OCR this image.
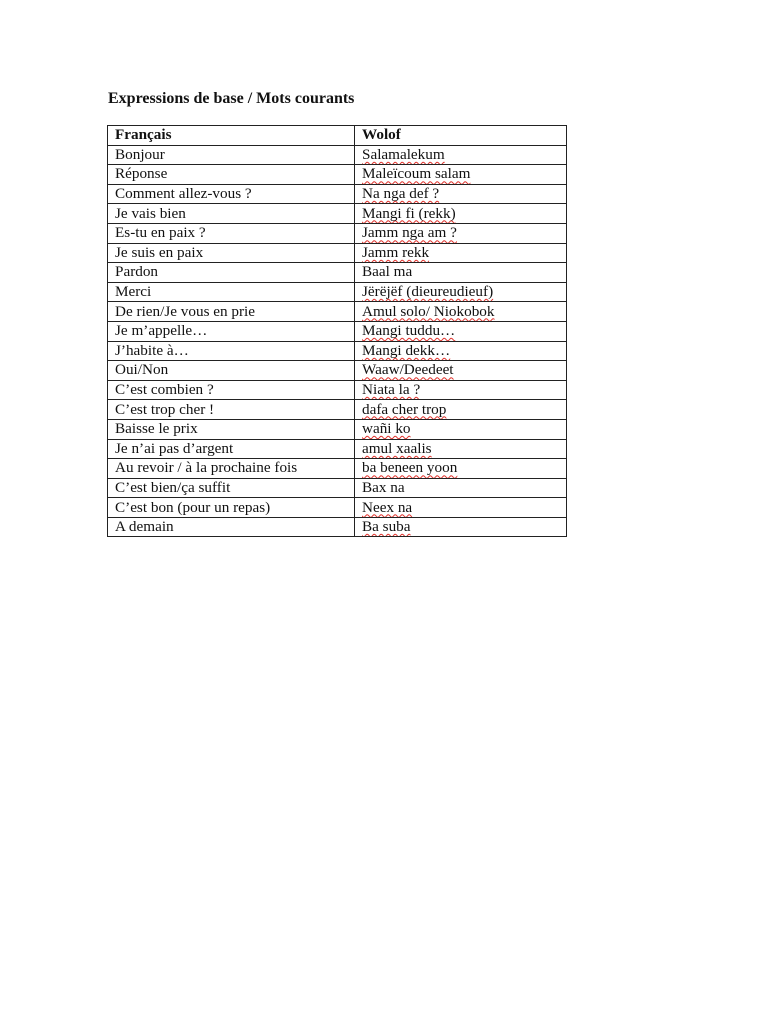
Expressions de base / Mots courants
Français	Wolof
Bonjour	Salamalekum
Réponse	Maleïcoum salam
Comment allez-vous ?	Na nga def ?
Je vais bien	Mangi fi (rekk)
Es-tu en paix ?	Jamm nga am ?
Je suis en paix	Jamm rekk
Pardon	Baal ma
Merci	Jërëjëf (dieureudieuf)
De rien/Je vous en prie	Amul solo/ Niokobok
Je m’appelle…	Mangi tuddu…
J’habite à…	Mangi dekk…
Oui/Non	Waaw/Deedeet
C’est combien ?	Niata la ?
C’est trop cher !	dafa cher trop
Baisse le prix	wañi ko
Je n’ai pas d’argent	amul xaalis
Au revoir / à la prochaine fois	ba beneen yoon
C’est bien/ça suffit	Bax na
C’est bon (pour un repas)	Neex na
A demain	Ba suba
